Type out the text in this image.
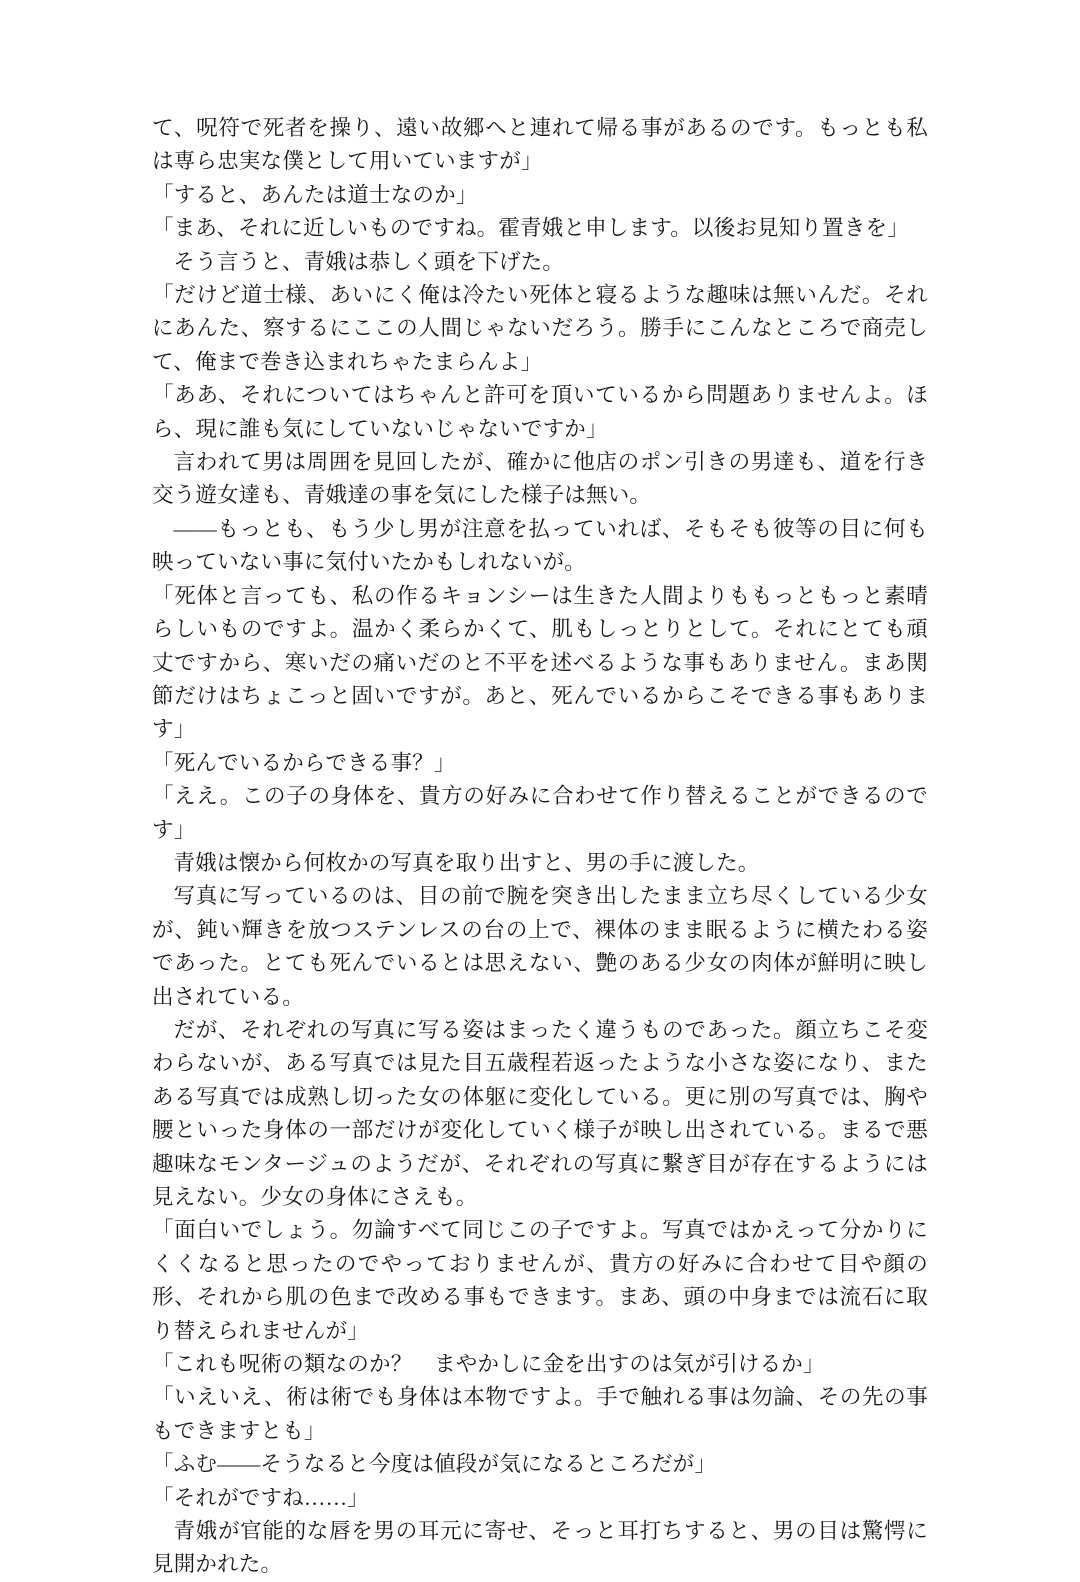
て、呪符で死者を操り、遠い故郷へと連れて帰る事があるのです。もっとも私は専ら忠実な僕として用いていますが」

「すると、あんたは道士なのか」

「まあ、それに近しいものですね。霍青娥と申します。以後お見知り置きを」

そう言うと、青娥は恭しく頭を下げた。

「だけど道士様、あいにく俺は冷たい死体と寝るような趣味は無いんだ。それにあんた、察するにここの人間じゃないだろう。勝手にこんなところで商売して、俺まで巻き込まれちゃたまらんよ」

「ああ、それについてはちゃんと許可を頂いているから問題ありませんよ。ほら、現に誰も気にしていないじゃないですか」

言われて男は周囲を見回したが、確かに他店のポン引きの男達も、道を行き交う遊女達も、青娥達の事を気にした様子は無い。

――もっとも、もう少し男が注意を払っていれば、そもそも彼等の目に何も映っていない事に気付いたかもしれないが。

「死体と言っても、私の作るキョンシーは生きた人間よりももっともっと素晴らしいものですよ。温かく柔らかくて、肌もしっとりとして。それにとても頑丈ですから、寒いだの痛いだのと不平を述べるような事もありません。まあ関節だけはちょこっと固いですが。あと、死んでいるからこそできる事もあります」

「死んでいるからできる事？」

「ええ。この子の身体を、貴方の好みに合わせて作り替えることができるのです」

青娥は懐から何枚かの写真を取り出すと、男の手に渡した。

写真に写っているのは、目の前で腕を突き出したまま立ち尽くしている少女が、鈍い輝きを放つステンレスの台の上で、裸体のまま眠るように横たわる姿であった。とても死んでいるとは思えない、艶のある少女の肉体が鮮明に映し出されている。

だが、それぞれの写真に写る姿はまったく違うものであった。顔立ちこそ変わらないが、ある写真では見た目五歳程若返ったような小さな姿になり、またある写真では成熟し切った女の体躯に変化している。更に別の写真では、胸や腰といった身体の一部だけが変化していく様子が映し出されている。まるで悪趣味なモンタージュのようだが、それぞれの写真に繋ぎ目が存在するようには見えない。少女の身体にさえも。

「面白いでしょう。勿論すべて同じこの子ですよ。写真ではかえって分かりにくくなると思ったのでやっておりませんが、貴方の好みに合わせて目や顔の形、それから肌の色まで改める事もできます。まあ、頭の中身までは流石に取り替えられませんが」

「これも呪術の類なのか？　まやかしに金を出すのは気が引けるか」

「いえいえ、術は術でも身体は本物ですよ。手で触れる事は勿論、その先の事もできますとも」

「ふむ――そうなると今度は値段が気になるところだが」

「それがですね……」

青娥が官能的な唇を男の耳元に寄せ、そっと耳打ちすると、男の目は驚愕に見開かれた。
